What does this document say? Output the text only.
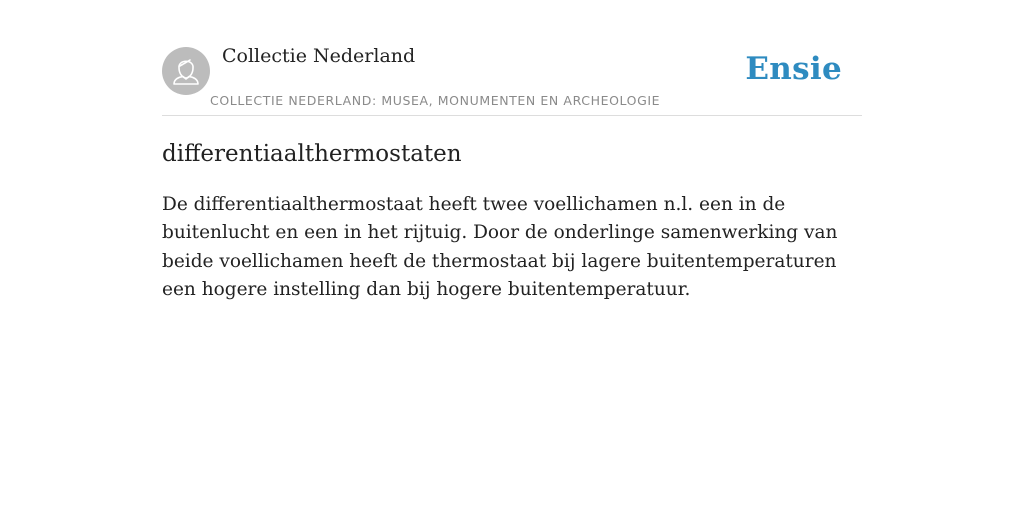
Collectie Nederland
COLLECTIE NEDERLAND: MUSEA, MONUMENTEN EN ARCHEOLOGIE
Ensie
differentiaalthermostaten

De differentiaalthermostaat heeft twee voellichamen n.l. een in de buitenlucht en een in het rijtuig. Door de onderlinge samenwerking van beide voellichamen heeft de thermostaat bij lagere buitentemperaturen een hogere instelling dan bij hogere buitentemperatuur.
